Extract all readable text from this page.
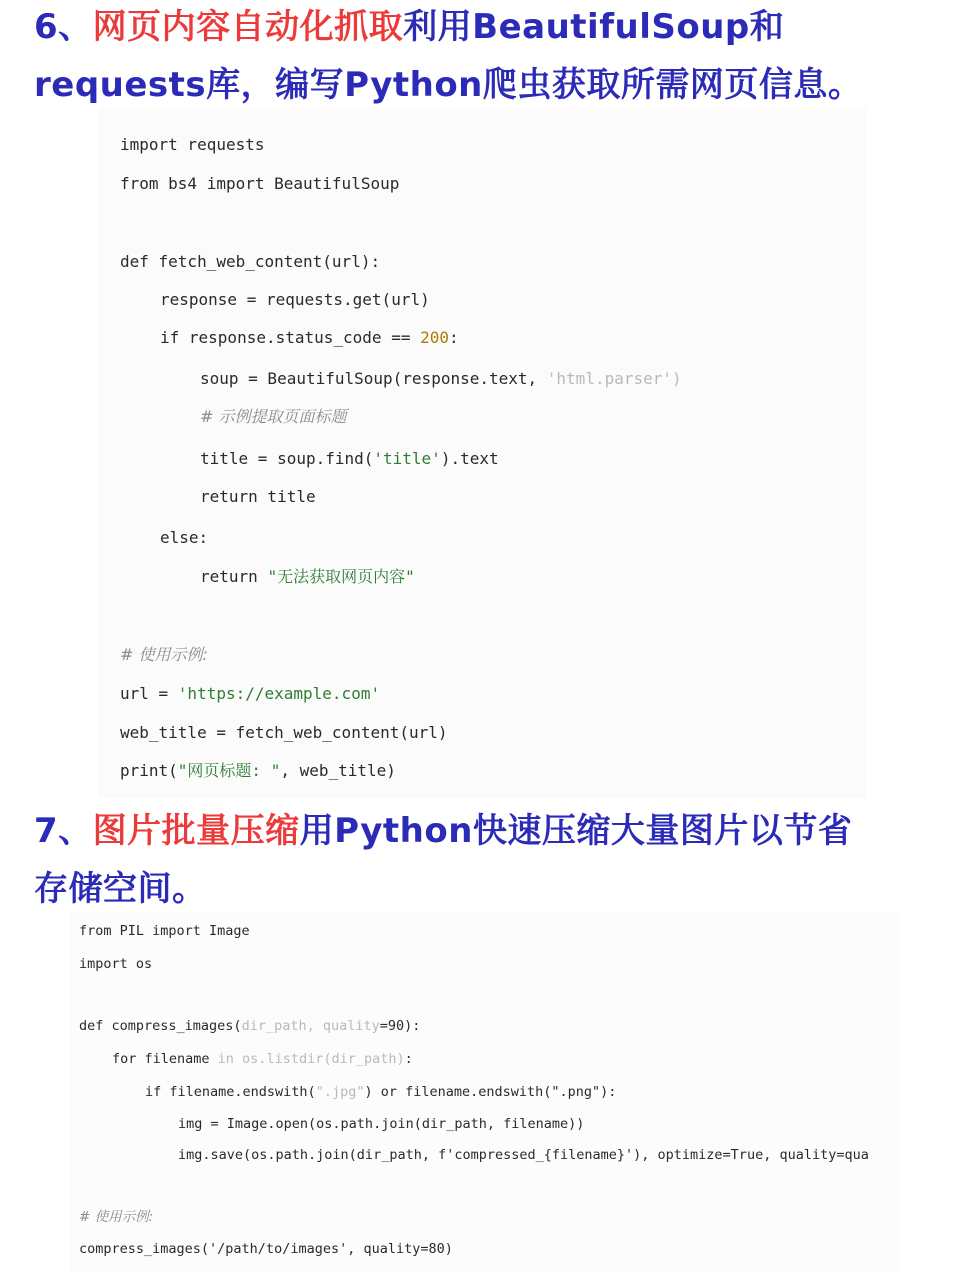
6、网页内容自动化抓取利用BeautifulSoup和
requests库，编写Python爬虫获取所需网页信息。
import requests
from bs4 import BeautifulSoup
def fetch_web_content(url):
response = requests.get(url)
if response.status_code == 200:
soup = BeautifulSoup(response.text, 'html.parser')
# 示例提取页面标题
title = soup.find('title').text
return title
else:
return "无法获取网页内容"
# 使用示例:
url = 'https://example.com'
web_title = fetch_web_content(url)
print("网页标题: ", web_title)
7、图片批量压缩用Python快速压缩大量图片以节省
存储空间。
from PIL import Image
import os
def compress_images(dir_path, quality=90):
for filename in os.listdir(dir_path):
if filename.endswith(".jpg") or filename.endswith(".png"):
img = Image.open(os.path.join(dir_path, filename))
img.save(os.path.join(dir_path, f'compressed_{filename}'), optimize=True, quality=qua
# 使用示例:
compress_images('/path/to/images', quality=80)
